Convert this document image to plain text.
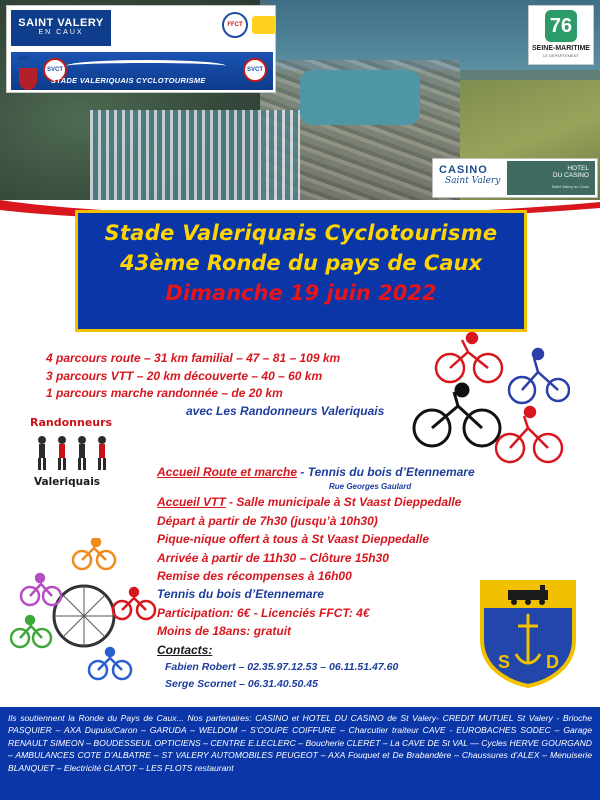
SAINT VALERY
EN CAUX
FFCT
1891
SVCT	SVCT
STADE VALERIQUAIS CYCLOTOURISME
76
SEINE-MARITIME
LE DÉPARTEMENT
CASINO
Saint Valery
HOTEL
DU CASINO
Saint Valery en Caux
Stade Valeriquais Cyclotourisme
43ème Ronde du pays de Caux
Dimanche 19 juin 2022
4 parcours route – 31 km familial – 47 – 81 – 109 km
3 parcours VTT – 20 km découverte – 40 – 60 km
1 parcours marche randonnée – de 20 km
avec Les Randonneurs Valeriquais
Randonneurs
Valeriquais
Accueil Route et marche - Tennis du bois d’Etennemare
Rue Georges Gaulard
Accueil VTT - Salle municipale à St Vaast Dieppedalle
Départ à partir de 7h30 (jusqu’à 10h30)
Pique-nique offert à tous à St Vaast Dieppedalle
Arrivée à partir de 11h30 – Clôture 15h30
Remise des récompenses à 16h00
Tennis du bois d’Etennemare
Participation: 6€ - Licenciés FFCT: 4€
Moins de 18ans: gratuit
Contacts:
Fabien Robert – 02.35.97.12.53 – 06.11.51.47.60
Serge Scornet – 06.31.40.50.45
S D
Ils soutiennent la Ronde du Pays de Caux... Nos partenaires: CASINO et HOTEL DU CASINO de St Valery- CREDIT MUTUEL St Valery - Brioche PASQUIER – AXA Dupuis/Caron – GARUDA – WELDOM – S’COUPE COIFFURE – Charcutier traiteur CAVE - EUROBACHES SODEC – Garage RENAULT SIMEON – BOUDESSEUL OPTICIENS – CENTRE E.LECLERC – Boucherie CLERET – La CAVE DE St VAL — Cycles HERVE GOURGAND – AMBULANCES COTE D’ALBATRE – ST VALERY AUTOMOBILES PEUGEOT – AXA Fouquet et De Brabandère – Chaussures d’ALEX – Menuiserie BLANQUET – Electricité CLATOT – LES FLOTS restaurant
